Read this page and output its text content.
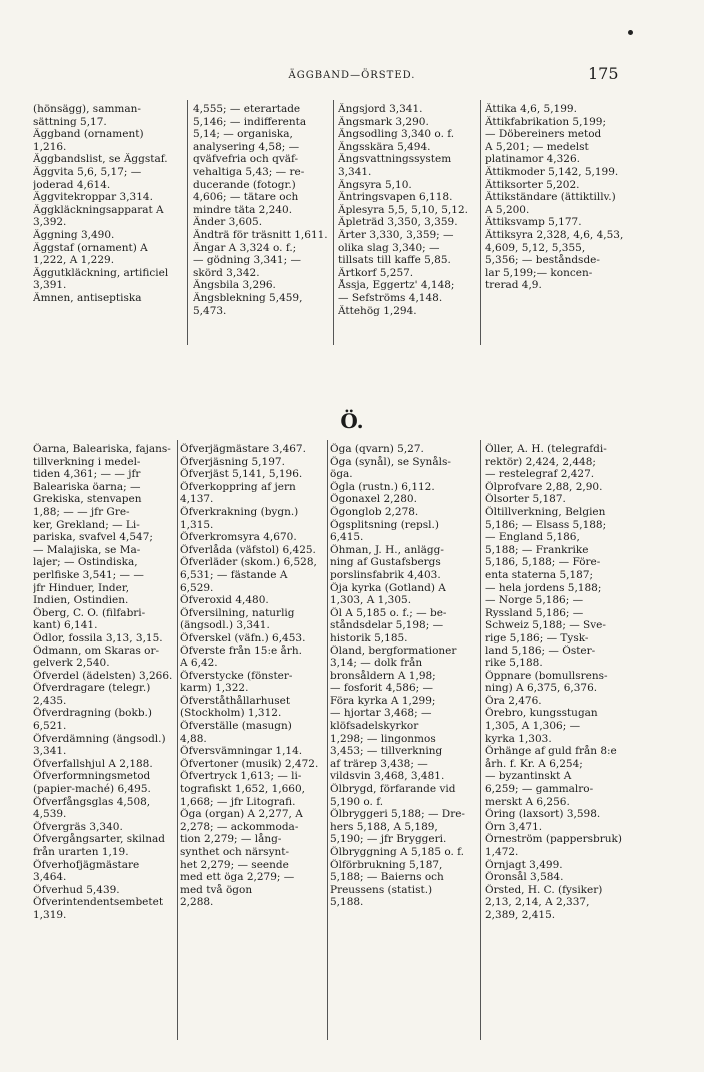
ÄGGBAND—ÖRSTED.	175
(hönsägg), samman-
sättning 5,17.
Äggband (ornament)
1,216.
Äggbandslist, se Äggstaf.
Äggvita 5,6, 5,17; —
joderad 4,614.
Äggvitekroppar 3,314.
Äggkläckningsapparat A
3,392.
Äggning 3,490.
Äggstaf (ornament) A
1,222, A 1,229.
Äggutkläckning, artificiel
3,391.
Ämnen, antiseptiska
4,555; — eterartade
5,146; — indifferenta
5,14; — organiska,
analysering 4,58; —
qväfvefria och qväf-
vehaltiga 5,43; — re-
ducerande (fotogr.)
4,606; — tätare och
mindre täta 2,240.
Änder 3,605.
Ändträ för träsnitt 1,611.
Ängar A 3,324 o. f.;
— gödning 3,341; —
skörd 3,342.
Ängsbila 3,296.
Ängsblekning 5,459,
5,473.
Ängsjord 3,341.
Ängsmark 3,290.
Ängsodling 3,340 o. f.
Ängsskära 5,494.
Ängsvattningssystem
3,341.
Ängsyra 5,10.
Äntringsvapen 6,118.
Äplesyra 5,5, 5,10, 5,12.
Äpleträd 3,350, 3,359.
Ärter 3,330, 3,359; —
olika slag 3,340; —
tillsats till kaffe 5,85.
Ärtkorf 5,257.
Åssja, Eggertz' 4,148;
— Sefströms 4,148.
Ättehög 1,294.
Ättika 4,6, 5,199.
Ättikfabrikation 5,199;
— Döbereiners metod
A 5,201; — medelst
platinamor 4,326.
Ättikmoder 5,142, 5,199.
Ättiksorter 5,202.
Ättikständare (ättiktillv.)
A 5,200.
Ättiksvamp 5,177.
Ättiksyra 2,328, 4,6, 4,53,
4,609, 5,12, 5,355,
5,356; — beståndsde-
lar 5,199;— koncen-
trerad 4,9.
Ö.
Öarna, Baleariska, fajans-
tillverkning i medel-
tiden 4,361; — — jfr
Baleariska öarna; —
Grekiska, stenvapen
1,88; — — jfr Gre-
ker, Grekland; — Li-
pariska, svafvel 4,547;
— Malajiska, se Ma-
lajer; — Ostindiska,
perlfiske 3,541; — —
jfr Hinduer, Inder,
Indien, Ostindien.
Öberg, C. O. (filfabri-
kant) 6,141.
Ödlor, fossila 3,13, 3,15.
Ödmann, om Skaras or-
gelverk 2,540.
Öfverdel (ädelsten) 3,266.
Öfverdragare (telegr.)
2,435.
Öfverdragning (bokb.)
6,521.
Öfverdämning (ängsodl.)
3,341.
Öfverfallshjul A 2,188.
Öfverformningsmetod
(papier-maché) 6,495.
Öfverfångsglas 4,508,
4,539.
Öfvergräs 3,340.
Öfvergångsarter, skilnad
från urarten 1,19.
Öfverhofjägmästare
3,464.
Öfverhud 5,439.
Öfverintendentsembetet
1,319.
Öfverjägmästare 3,467.
Öfverjäsning 5,197.
Öfverjäst 5,141, 5,196.
Öfverkoppring af jern
4,137.
Öfverkrakning (bygn.)
1,315.
Öfverkromsyra 4,670.
Öfverlåda (väfstol) 6,425.
Öfverläder (skom.) 6,528,
6,531; — fästande A
6,529.
Öfveroxid 4,480.
Öfversilning, naturlig
(ängsodl.) 3,341.
Öfverskel (väfn.) 6,453.
Öfverste från 15:e årh.
A 6,42.
Öfverstycke (fönster-
karm) 1,322.
Öfverståthållarhuset
(Stockholm) 1,312.
Öfverställe (masugn)
4,88.
Öfversvämningar 1,14.
Öfvertoner (musik) 2,472.
Öfvertryck 1,613; — li-
tografiskt 1,652, 1,660,
1,668; — jfr Litografi.
Öga (organ) A 2,277, A
2,278; — ackommoda-
tion 2,279; — lång-
synthet och närsynt-
het 2,279; — seende
med ett öga 2,279; —
med två ögon
2,288.
Öga (qvarn) 5,27.
Öga (synål), se Synåls-
öga.
Ögla (rustn.) 6,112.
Ögonaxel 2,280.
Ögonglob 2,278.
Ögsplitsning (repsl.)
6,415.
Öhman, J. H., anlägg-
ning af Gustafsbergs
porslinsfabrik 4,403.
Öja kyrka (Gotland) A
1,303, A 1,305.
Öl A 5,185 o. f.; — be-
ståndsdelar 5,198; —
historik 5,185.
Öland, bergformationer
3,14; — dolk från
bronsåldern A 1,98;
— fosforit 4,586; —
Föra kyrka A 1,299;
— hjortar 3,468; —
klöfsadelskyrkor
1,298; — lingonmos
3,453; — tillverkning
af träreр 3,438; —
vildsvin 3,468, 3,481.
Ölbrygd, förfarande vid
5,190 o. f.
Ölbryggeri 5,188; — Dre-
hers 5,188, A 5,189,
5,190; — jfr Bryggeri.
Ölbryggning A 5,185 o. f.
Ölförbrukning 5,187,
5,188; — Baierns och
Preussens (statist.)
5,188.
Öller, A. H. (telegrafdi-
rektör) 2,424, 2,448;
— restelegraf 2,427.
Ölprofvare 2,88, 2,90.
Ölsorter 5,187.
Öltillverkning, Belgien
5,186; — Elsass 5,188;
— England 5,186,
5,188; — Frankrike
5,186, 5,188; — Före-
enta staterna 5,187;
— hela jordens 5,188;
— Norge 5,186; —
Ryssland 5,186; —
Schweiz 5,188; — Sve-
rige 5,186; — Tysk-
land 5,186; — Öster-
rike 5,188.
Öppnare (bomullsrens-
ning) A 6,375, 6,376.
Öra 2,476.
Örebro, kungsstugan
1,305, A 1,306; —
kyrka 1,303.
Örhänge af guld från 8:e
årh. f. Kr. A 6,254;
— byzantinskt A
6,259; — gammalro-
merskt A 6,256.
Öring (laxsort) 3,598.
Örn 3,471.
Örneström (pappersbruk)
1,472.
Örnjagt 3,499.
Öronsål 3,584.
Örsted, H. C. (fysiker)
2,13, 2,14, A 2,337,
2,389, 2,415.
